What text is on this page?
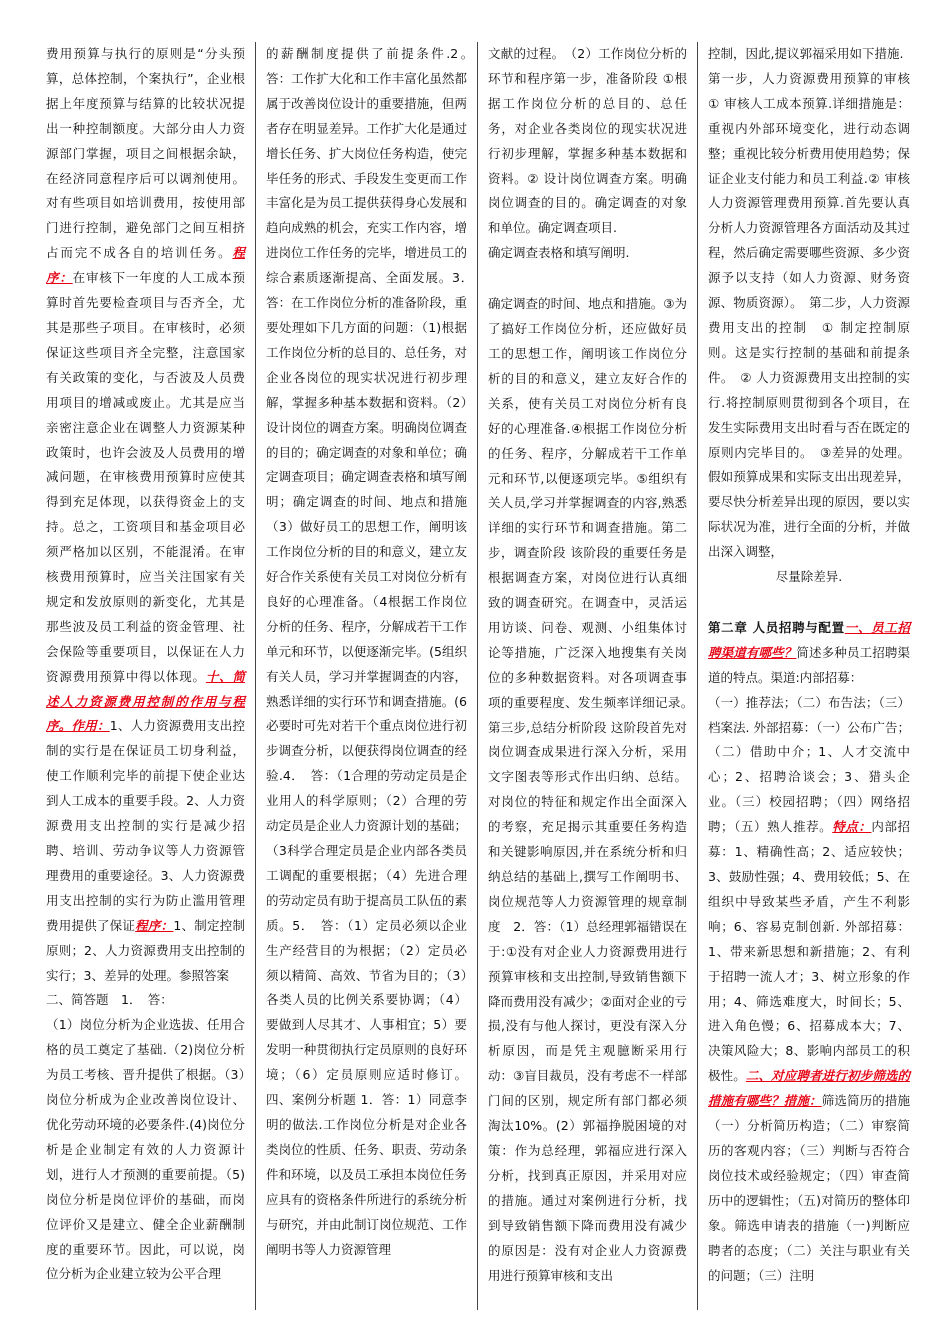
费用预算与执行的原则是“分头预算，总体控制，个案执行”，企业根据上年度预算与结算的比较状况提出一种控制额度。大部分由人力资源部门掌握，项目之间根据余缺，在经济同意程序后可以调剂使用。对有些项目如培训费用，按使用部门进行控制，避免部门之间互相挤占而完不成各自的培训任务。程序：在审核下一年度的人工成本预算时首先要检查项目与否齐全，尤其是那些子项目。在审核时，必须保证这些项目齐全完整，注意国家有关政策的变化，与否波及人员费用项目的增减或废止。尤其是应当亲密注意企业在调整人力资源某种政策时，也许会波及人员费用的增减问题，在审核费用预算时应使其得到充足体现，以获得资金上的支持。总之，工资项目和基金项目必须严格加以区别，不能混淆。在审核费用预算时，应当关注国家有关规定和发放原则的新变化，尤其是那些波及员工利益的资金管理、社会保险等重要项目，以保证在人力资源费用预算中得以体现。十、简述人力资源费用控制的作用与程序。作用：1、人力资源费用支出控制的实行是在保证员工切身利益，使工作顺利完毕的前提下使企业达到人工成本的重要手段。2、人力资源费用支出控制的实行是减少招聘、培训、劳动争议等人力资源管理费用的重要途径。3、人力资源费用支出控制的实行为防止滥用管理费用提供了保证程序：1、制定控制原则；2、人力资源费用支出控制的实行；3、差异的处理。参照答案

二、简答题　1．　答：

（1）岗位分析为企业选拔、任用合格的员工奠定了基础.（2)岗位分析为员工考核、晋升提供了根据。（3）岗位分析成为企业改善岗位设计、优化劳动环境的必要条件.(4)岗位分析是企业制定有效的人力资源计划，进行人才预测的重要前提。（5)岗位分析是岗位评价的基础，而岗位评价又是建立、健全企业薪酬制度的重要环节。因此，可以说，岗位分析为企业建立较为公平合理

的薪酬制度提供了前提条件.2。　答：工作扩大化和工作丰富化虽然都属于改善岗位设计的重要措施，但两者存在明显差异。工作扩大化是通过增长任务、扩大岗位任务构造，使完毕任务的形式、手段发生变更而工作丰富化是为员工提供获得身心发展和趋向成熟的机会，充实工作内容，增进岗位工作任务的完毕，增进员工的综合素质逐渐提高、全面发展。3．　答：在工作岗位分析的准备阶段，重要处理如下几方面的问题：（1)根据工作岗位分析的总目的、总任务，对企业各岗位的现实状况进行初步理解，掌握多种基本数据和资料。（2）设计岗位的调查方案。明确岗位调查的目的；确定调查的对象和单位；确定调查项目；确定调查表格和填写阐明；确定调查的时间、地点和措施（3）做好员工的思想工作，阐明该工作岗位分析的目的和意义，建立友好合作关系使有关员工对岗位分析有良好的心理准备。（4根据工作岗位分析的任务、程序，分解成若干工作单元和环节，以便逐渐完毕。(5组织有关人员，学习并掌握调查的内容，熟悉详细的实行环节和调查措施。(6必要时可先对若干个重点岗位进行初步调查分析，以便获得岗位调查的经验.4．　答：（1合理的劳动定员是企业用人的科学原则；（2）合理的劳动定员是企业人力资源计划的基础；（3科学合理定员是企业内部各类员工调配的重要根据；（4）先进合理的劳动定员有助于提高员工队伍的素质。5．　答：（1）定员必须以企业生产经营目的为根据；（2）定员必须以精简、高效、节省为目的；（3）各类人员的比例关系要协调；（4）要做到人尽其才、人事相宜；5）要发明一种贯彻执行定员原则的良好环境；（6）定员原则应适时修订。四、案例分析题 1．答：1）同意李明的做法.工作岗位分析是对企业各类岗位的性质、任务、职责、劳动条件和环境，以及员工承担本岗位任务应具有的资格条件所进行的系统分析与研究，并由此制订岗位规范、工作阐明书等人力资源管理

文献的过程。　（2）工作岗位分析的环节和程序第一步，准备阶段 ①根据工作岗位分析的总目的、总任务，对企业各类岗位的现实状况进行初步理解，掌握多种基本数据和资料。② 设计岗位调查方案。明确岗位调查的目的。确定调查的对象和单位。确定调查项目.

确定调查表格和填写阐明.

确定调查的时间、地点和措施。③为了搞好工作岗位分析，还应做好员工的思想工作，阐明该工作岗位分析的目的和意义，建立友好合作的关系，使有关员工对岗位分析有良好的心理准备.④根据工作岗位分析的任务、程序，分解成若干工作单元和环节,以便逐项完毕。⑤组织有关人员,学习并掌握调查的内容,熟悉详细的实行环节和调查措施。第二步，调查阶段 该阶段的重要任务是根据调查方案，对岗位进行认真细致的调查研究。在调查中，灵活运用访谈、问卷、观测、小组集体讨论等措施，广泛深入地搜集有关岗位的多种数据资料。对各项调查事项的重要程度、发生频率详细记录。　第三步,总结分析阶段 这阶段首先对岗位调查成果进行深入分析，采用文字图表等形式作出归纳、总结。对岗位的特征和规定作出全面深入的考察，充足揭示其重要任务构造和关键影响原因,并在系统分析和归纳总结的基础上,撰写工作阐明书、岗位规范等人力资源管理的规章制度　2．答：（1）总经理郭福错误在于:①没有对企业人力资源费用进行预算审核和支出控制,导致销售额下降而费用没有减少；②面对企业的亏损,没有与他人探讨，更没有深入分析原因，而是凭主观臆断采用行动：③盲目裁员，没有考虑不一样部门间的区别，规定所有部门都必须淘汰10%。(2）郭福挣脱困境的对策：作为总经理，郭福应进行深入分析，找到真正原因，并采用对应的措施。通过对案例进行分析，找到导致销售额下降而费用没有减少的原因是：没有对企业人力资源费用进行预算审核和支出

控制，因此,提议郭福采用如下措施.

第一步，人力资源费用预算的审核 ① 审核人工成本预算.详细措施是：重视内外部环境变化，进行动态调整；重视比较分析费用使用趋势；保证企业支付能力和员工利益.② 审核人力资源管理费用预算.首先要认真分析人力资源管理各方面活动及其过程，然后确定需要哪些资源、多少资源予以支持（如人力资源、财务资源、物质资源）。　第二步，人力资源费用支出的控制　① 制定控制原则。这是实行控制的基础和前提条件。　② 人力资源费用支出控制的实行.将控制原则贯彻到各个项目，在发生实际费用支出时看与否在既定的原则内完毕目的。　③差异的处理。假如预算成果和实际支出出现差异，要尽快分析差异出现的原因，要以实际状况为准，进行全面的分析，并做出深入调整，

尽量除差异.

第二章 人员招聘与配置一、员工招聘渠道有哪些？简述多种员工招聘渠道的特点。渠道:内部招募：

（一）推荐法；（二）布告法；（三）档案法. 外部招募：（一）公布广告；（二）借助中介；1、人才交流中心；2、招聘洽谈会；3、猎头企业。（三）校园招聘；（四）网络招聘；（五）熟人推荐。特点：内部招募：1、精确性高；2、适应较快；3、鼓励性强；4、费用较低；5、在组织中导致某些矛盾，产生不利影响；6、容易克制创新. 外部招募：1、带来新思想和新措施；2、有利于招聘一流人才；3、树立形象的作用；4、筛选难度大，时间长；5、进入角色慢；6、招募成本大；7、决策风险大；8、影响内部员工的积极性。二、对应聘者进行初步筛选的措施有哪些？措施：筛选简历的措施（一）分析简历构造；（二）审察简历的客观内容；（三）判断与否符合岗位技术或经验规定；（四）审查简历中的逻辑性；（五)对简历的整体印象。筛选申请表的措施（一)判断应聘者的态度；（二）关注与职业有关的问题；（三）注明
